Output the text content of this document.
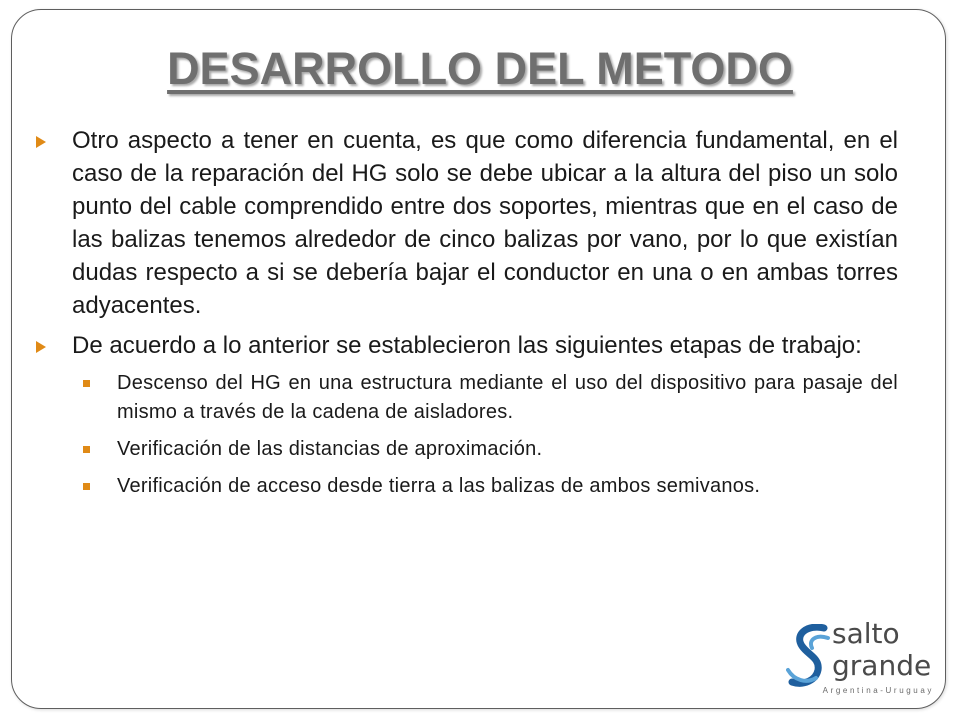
DESARROLLO DEL METODO
Otro aspecto a tener en cuenta, es que como diferencia fundamental, en el caso de la reparación del HG solo se debe ubicar a la altura del piso un solo punto del cable comprendido entre dos soportes, mientras que en el caso de las balizas tenemos alrededor de cinco balizas por vano, por lo que existían dudas respecto a si se debería bajar el conductor en una o en ambas torres adyacentes.
De acuerdo a lo anterior se establecieron las siguientes etapas de trabajo:
Descenso del HG en una estructura mediante el uso del dispositivo para pasaje del mismo a través de la cadena de aisladores.
Verificación de las distancias de aproximación.
Verificación de acceso desde tierra a las balizas de ambos semivanos.
salto
grande
Argentina-Uruguay
